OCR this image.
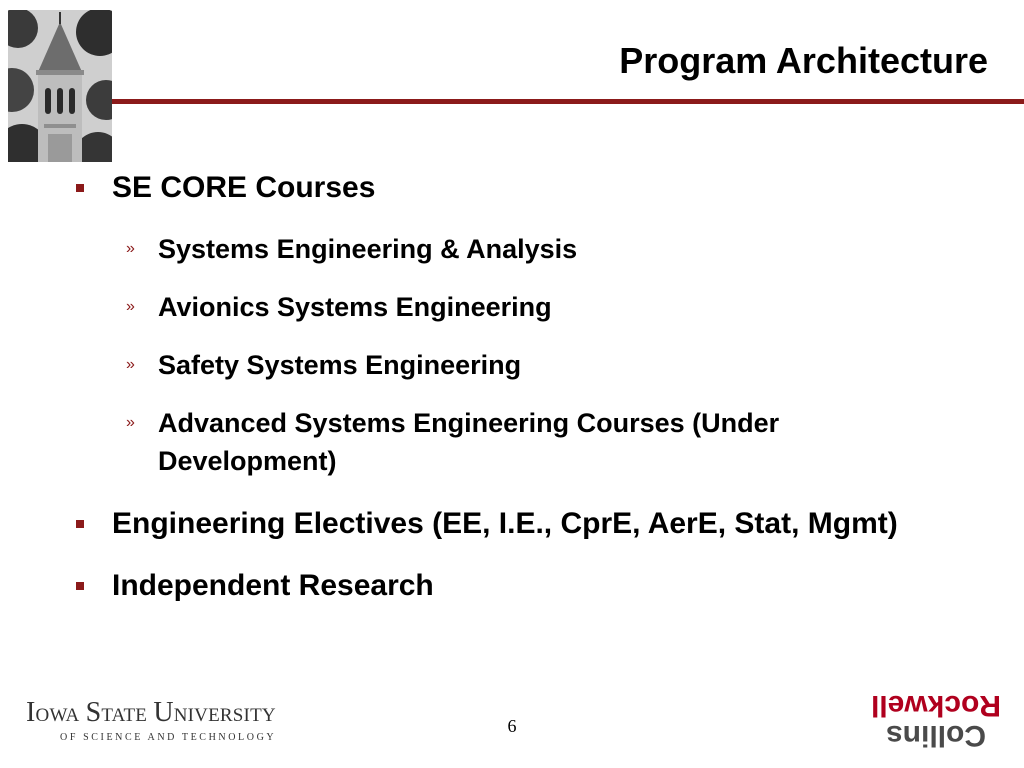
Program Architecture
SE CORE Courses
» Systems Engineering & Analysis
» Avionics Systems Engineering
» Safety Systems Engineering
» Advanced Systems Engineering Courses (Under Development)
Engineering Electives (EE, I.E., CprE, AerE, Stat, Mgmt)
Independent Research
IOWA STATE UNIVERSITY
OF SCIENCE AND TECHNOLOGY
6	Collins
Rockwell
